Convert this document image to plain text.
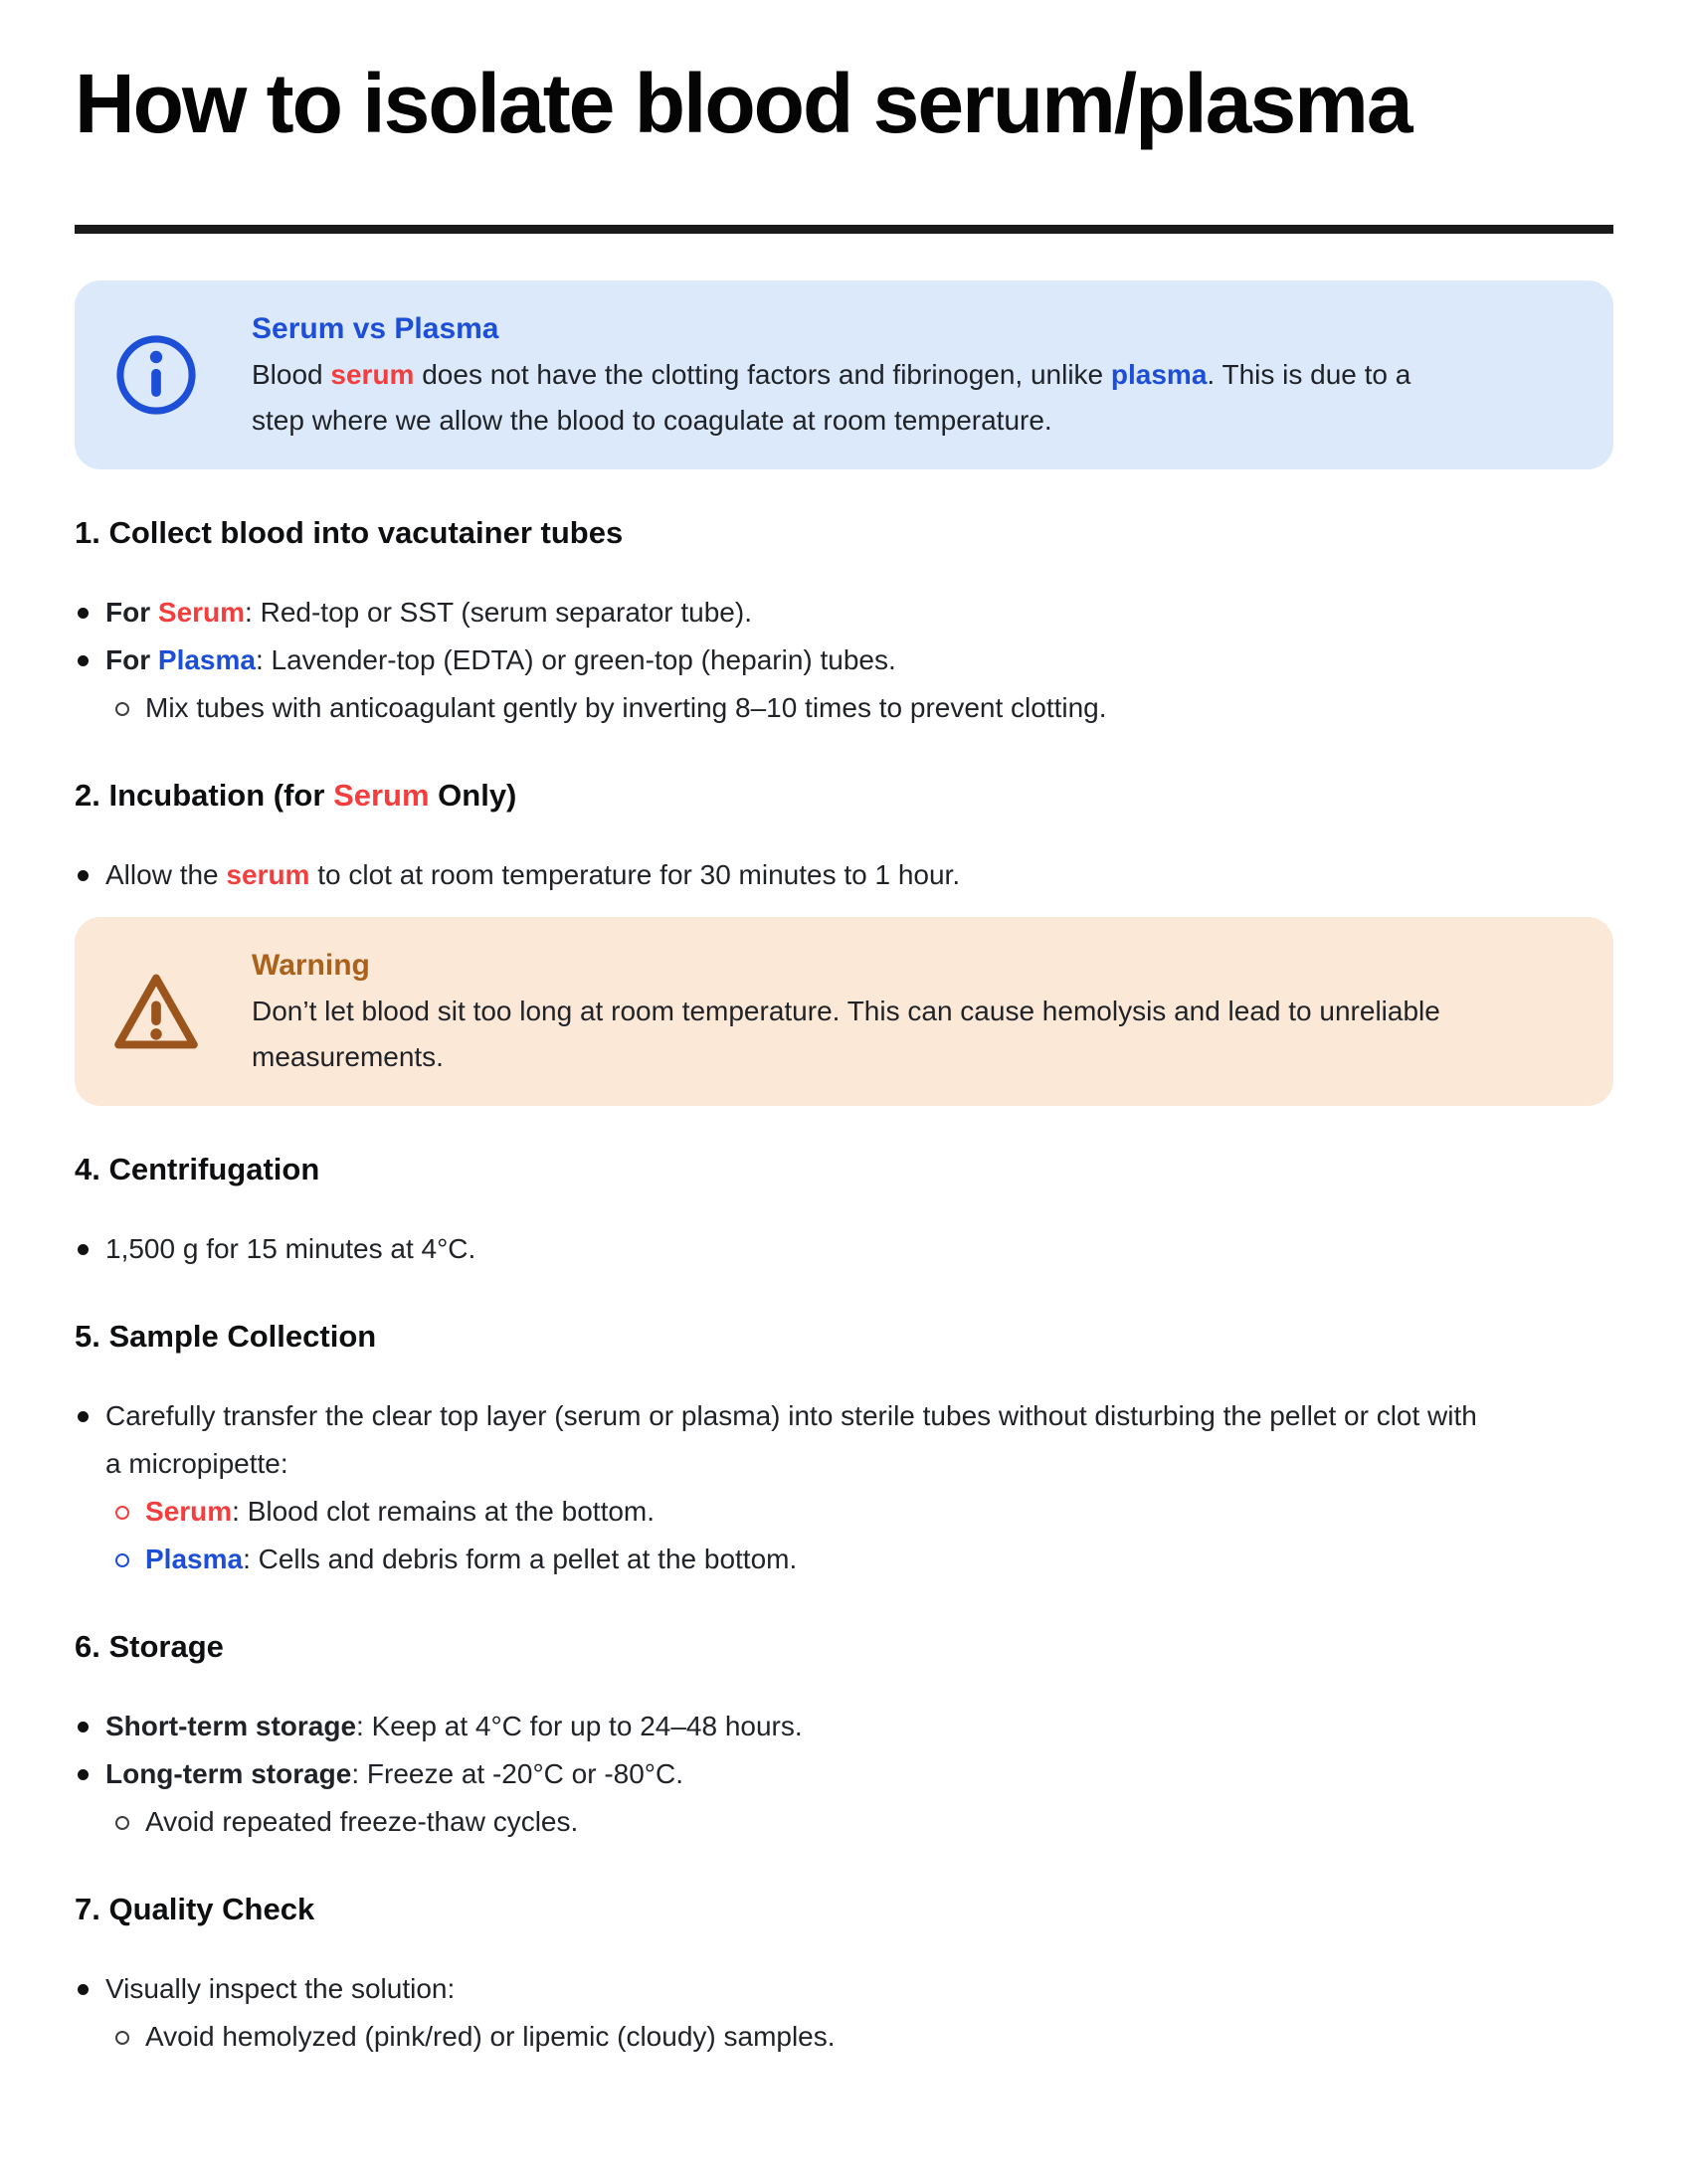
How to isolate blood serum/plasma
Serum vs Plasma

Blood serum does not have the clotting factors and fibrinogen, unlike plasma. This is due to a step where we allow the blood to coagulate at room temperature.

1. Collect blood into vacutainer tubes
For Serum: Red-top or SST (serum separator tube).
For Plasma: Lavender-top (EDTA) or green-top (heparin) tubes.
Mix tubes with anticoagulant gently by inverting 8–10 times to prevent clotting.
2. Incubation (for Serum Only)
Allow the serum to clot at room temperature for 30 minutes to 1 hour.
Warning

Don’t let blood sit too long at room temperature. This can cause hemolysis and lead to unreliable measurements.

4. Centrifugation
1,500 g for 15 minutes at 4°C.
5. Sample Collection
Carefully transfer the clear top layer (serum or plasma) into sterile tubes without disturbing the pellet or clot with a micropipette:
Serum: Blood clot remains at the bottom.
Plasma: Cells and debris form a pellet at the bottom.
6. Storage
Short-term storage: Keep at 4°C for up to 24–48 hours.
Long-term storage: Freeze at -20°C or -80°C.
Avoid repeated freeze-thaw cycles.
7. Quality Check
Visually inspect the solution:
Avoid hemolyzed (pink/red) or lipemic (cloudy) samples.
